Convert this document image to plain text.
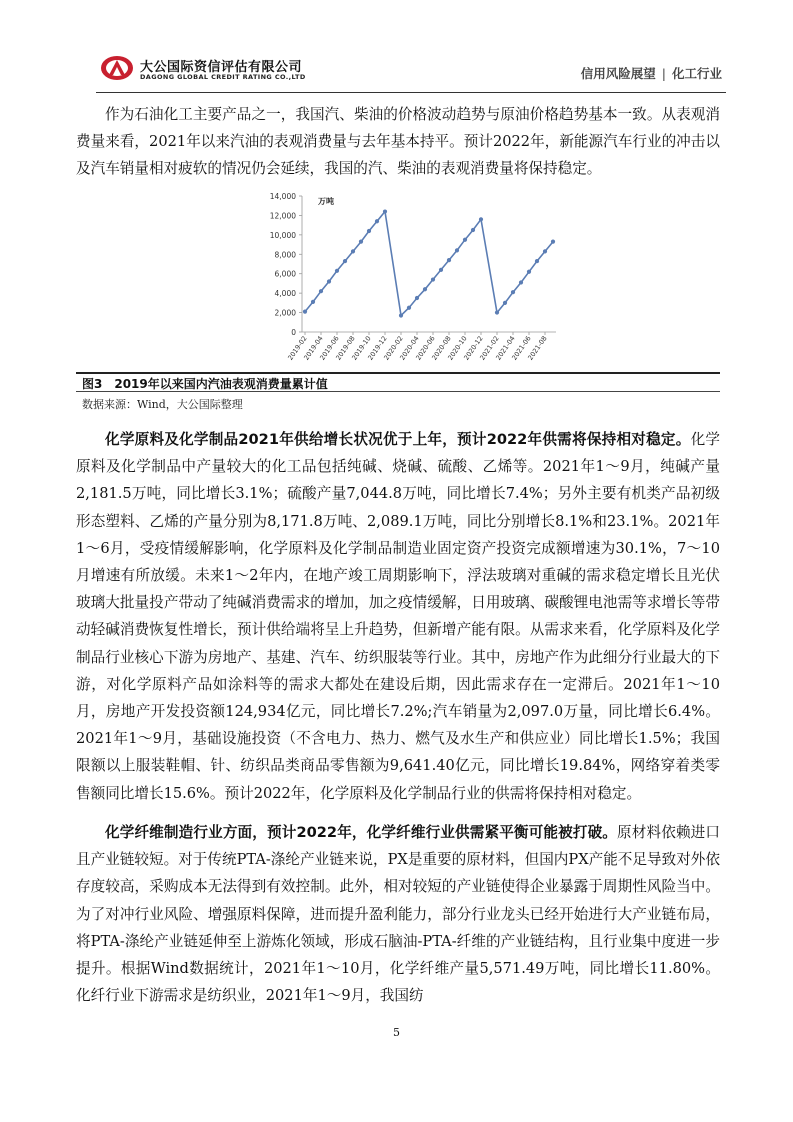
大公国际资信评估有限公司
DAGONG GLOBAL CREDIT RATING CO.,LTD	信用风险展望 | 化工行业

作为石油化工主要产品之一，我国汽、柴油的价格波动趋势与原油价格趋势基本一致。从表观消费量来看，2021年以来汽油的表观消费量与去年基本持平。预计2022年，新能源汽车行业的冲击以及汽车销量相对疲软的情况仍会延续，我国的汽、柴油的表观消费量将保持稳定。

0
2,000
4,000
6,000
8,000
10,000
12,000
14,000
万吨
2019-02
2019-04
2019-06
2019-08
2019-10
2019-12
2020-02
2020-04
2020-06
2020-08
2020-10
2020-12
2021-02
2021-04
2021-06
2021-08
图3　2019年以来国内汽油表观消费量累计值
数据来源：Wind，大公国际整理

化学原料及化学制品2021年供给增长状况优于上年，预计2022年供需将保持相对稳定。化学原料及化学制品中产量较大的化工品包括纯碱、烧碱、硫酸、乙烯等。2021年1～9月，纯碱产量2,181.5万吨，同比增长3.1%；硫酸产量7,044.8万吨，同比增长7.4%；另外主要有机类产品初级形态塑料、乙烯的产量分别为8,171.8万吨、2,089.1万吨，同比分别增长8.1%和23.1%。2021年1～6月，受疫情缓解影响，化学原料及化学制品制造业固定资产投资完成额增速为30.1%，7～10月增速有所放缓。未来1～2年内，在地产竣工周期影响下，浮法玻璃对重碱的需求稳定增长且光伏玻璃大批量投产带动了纯碱消费需求的增加，加之疫情缓解，日用玻璃、碳酸锂电池需等求增长等带动轻碱消费恢复性增长，预计供给端将呈上升趋势，但新增产能有限。从需求来看，化学原料及化学制品行业核心下游为房地产、基建、汽车、纺织服装等行业。其中，房地产作为此细分行业最大的下游，对化学原料产品如涂料等的需求大都处在建设后期，因此需求存在一定滞后。2021年1～10月，房地产开发投资额124,934亿元，同比增长7.2%;汽车销量为2,097.0万量，同比增长6.4%。2021年1～9月，基础设施投资（不含电力、热力、燃气及水生产和供应业）同比增长1.5%；我国限额以上服装鞋帽、针、纺织品类商品零售额为9,641.40亿元，同比增长19.84%，网络穿着类零售额同比增长15.6%。预计2022年，化学原料及化学制品行业的供需将保持相对稳定。

化学纤维制造行业方面，预计2022年，化学纤维行业供需紧平衡可能被打破。原材料依赖进口且产业链较短。对于传统PTA-涤纶产业链来说，PX是重要的原材料，但国内PX产能不足导致对外依存度较高，采购成本无法得到有效控制。此外，相对较短的产业链使得企业暴露于周期性风险当中。为了对冲行业风险、增强原料保障，进而提升盈利能力，部分行业龙头已经开始进行大产业链布局，将PTA-涤纶产业链延伸至上游炼化领域，形成石脑油-PTA-纤维的产业链结构，且行业集中度进一步提升。根据Wind数据统计，2021年1～10月，化学纤维产量5,571.49万吨，同比增长11.80%。化纤行业下游需求是纺织业，2021年1～9月，我国纺

5
